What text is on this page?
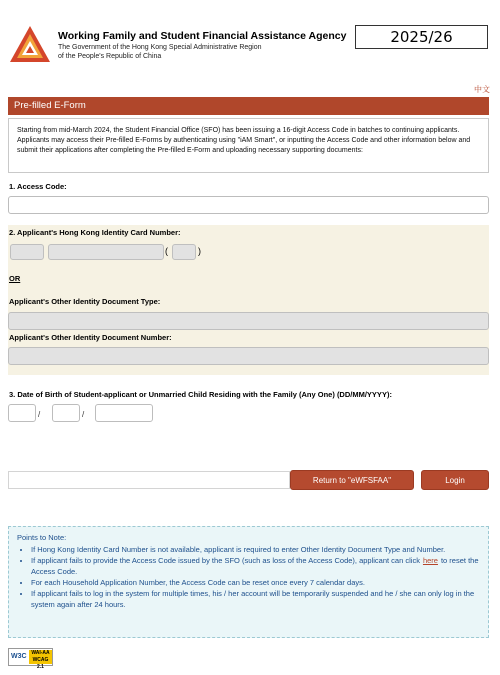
Working Family and Student Financial Assistance Agency
The Government of the Hong Kong Special Administrative Region
of the People's Republic of China
2025/26
中文
Pre-filled E-Form
Starting from mid-March 2024, the Student Financial Office (SFO) has been issuing a 16-digit Access Code in batches to continuing applicants. Applicants may access their Pre-filled E-Forms by authenticating using "iAM Smart", or inputting the Access Code and other information below and submit their applications after completing the Pre-filled E-Form and uploading necessary supporting documents:
1. Access Code:
2. Applicant's Hong Kong Identity Card Number:
(	)
OR
Applicant's Other Identity Document Type:
Applicant's Other Identity Document Number:
3. Date of Birth of Student-applicant or Unmarried Child Residing with the Family (Any One) (DD/MM/YYYY):
/	/
Return to "eWFSFAA"	Login
Points to Note:
• If Hong Kong Identity Card Number is not available, applicant is required to enter Other Identity Document Type and Number.
• If applicant fails to provide the Access Code issued by the SFO (such as loss of the Access Code), applicant can click here to reset the Access Code.
• For each Household Application Number, the Access Code can be reset once every 7 calendar days.
• If applicant fails to log in the system for multiple times, his / her account will be temporarily suspended and he / she can only log in the system again after 24 hours.
W3C WAI-AA
WCAG 2.1
